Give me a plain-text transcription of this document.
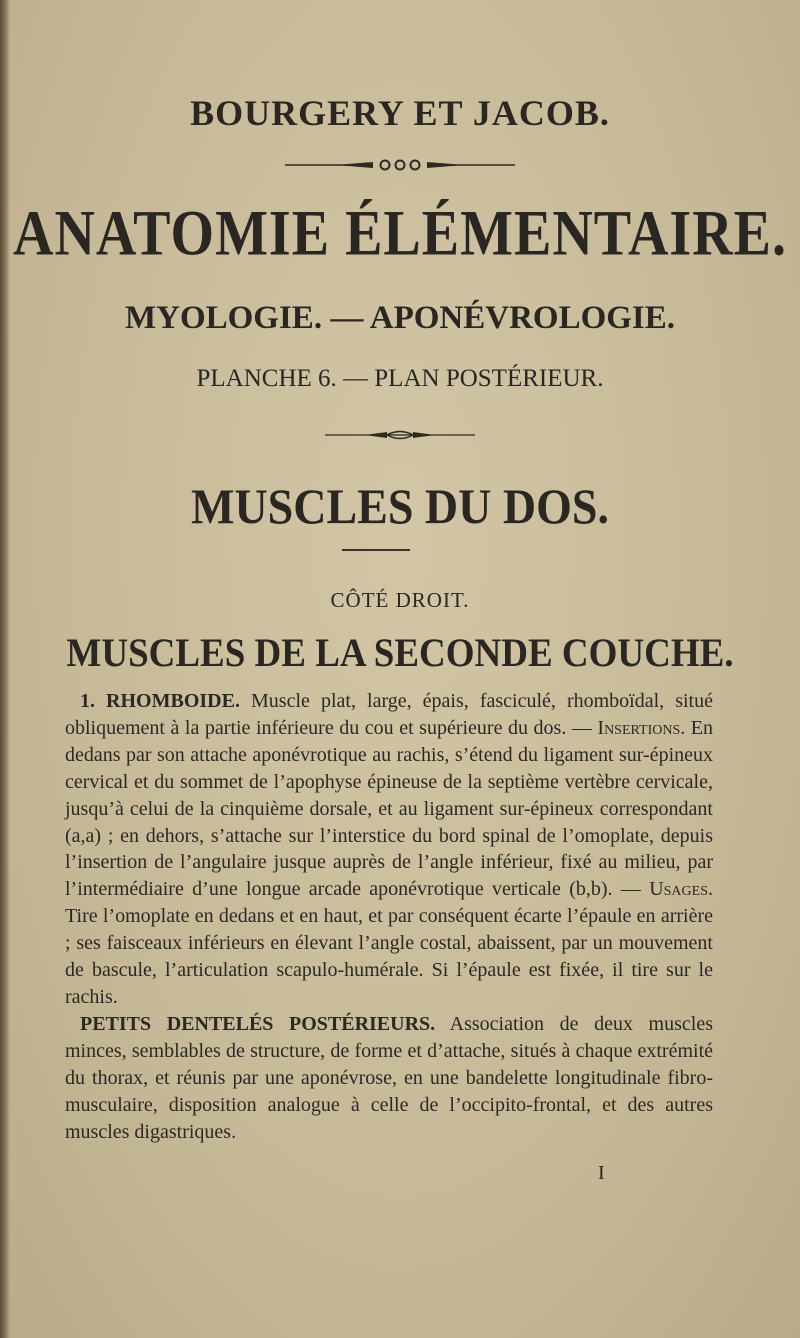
BOURGERY ET JACOB.
ANATOMIE ÉLÉMENTAIRE.
MYOLOGIE. — APONÉVROLOGIE.
PLANCHE 6. — PLAN POSTÉRIEUR.
MUSCLES DU DOS.
CÔTÉ DROIT.
MUSCLES DE LA SECONDE COUCHE.

1. RHOMBOIDE. Muscle plat, large, épais, fasciculé, rhomboïdal, situé obliquement à la partie inférieure du cou et supérieure du dos. — Insertions. En dedans par son attache aponévrotique au rachis, s’étend du ligament sur-épineux cervical et du sommet de l’apophyse épineuse de la septième vertèbre cervicale, jusqu’à celui de la cinquième dorsale, et au ligament sur-épineux correspondant (a,a) ; en dehors, s’attache sur l’interstice du bord spinal de l’omoplate, depuis l’insertion de l’angulaire jusque auprès de l’angle inférieur, fixé au milieu, par l’intermédiaire d’une longue arcade aponévrotique verticale (b,b). — Usages. Tire l’omoplate en dedans et en haut, et par conséquent écarte l’épaule en arrière ; ses faisceaux inférieurs en élevant l’angle costal, abaissent, par un mouvement de bascule, l’articulation scapulo-humérale. Si l’épaule est fixée, il tire sur le rachis.

PETITS DENTELÉS POSTÉRIEURS. Association de deux muscles minces, semblables de structure, de forme et d’attache, situés à chaque extrémité du thorax, et réunis par une aponévrose, en une bandelette longitudinale fibro-musculaire, disposition analogue à celle de l’occipito-frontal, et des autres muscles digastriques.

I
